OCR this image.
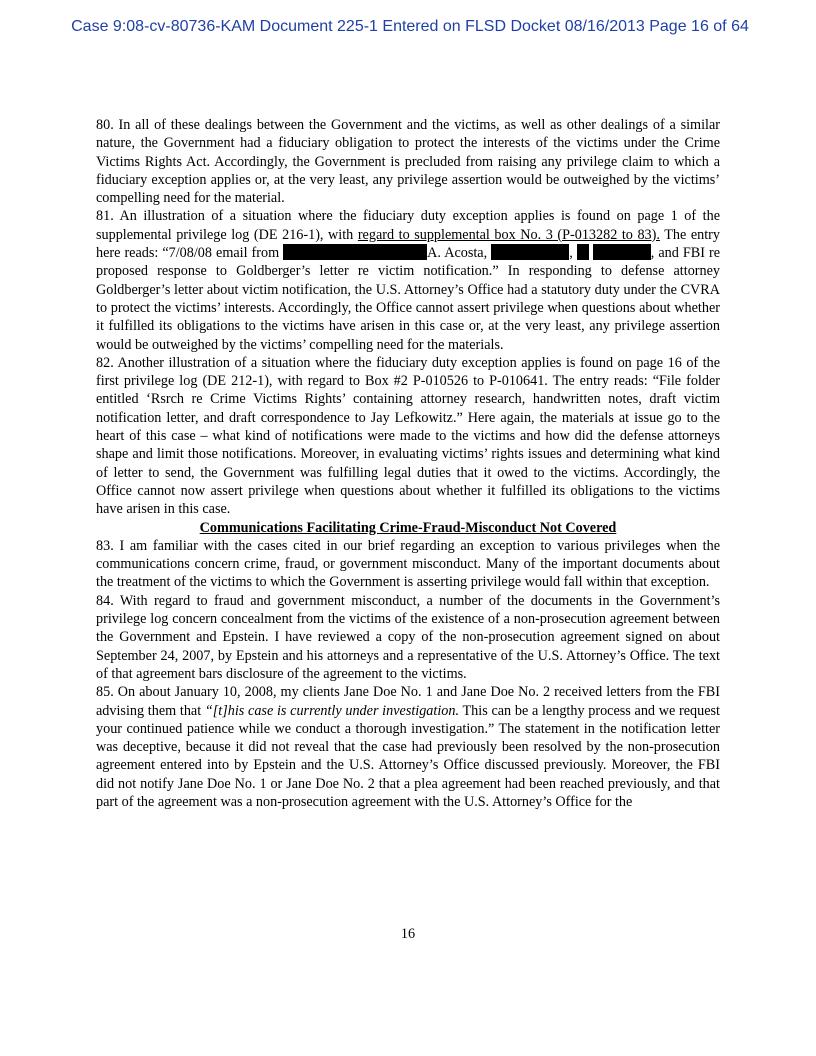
Case 9:08-cv-80736-KAM Document 225-1 Entered on FLSD Docket 08/16/2013 Page 16 of 64

80. In all of these dealings between the Government and the victims, as well as other dealings of a similar nature, the Government had a fiduciary obligation to protect the interests of the victims under the Crime Victims Rights Act. Accordingly, the Government is precluded from raising any privilege claim to which a fiduciary exception applies or, at the very least, any privilege assertion would be outweighed by the victims’ compelling need for the material.

81. An illustration of a situation where the fiduciary duty exception applies is found on page 1 of the supplemental privilege log (DE 216-1), with regard to supplemental box No. 3 (P-013282 to 83). The entry here reads: “7/08/08 email from	A. Acosta,	,	, and FBI re proposed response to Goldberger’s letter re victim notification.” In responding to defense attorney Goldberger’s letter about victim notification, the U.S. Attorney’s Office had a statutory duty under the CVRA to protect the victims’ interests. Accordingly, the Office cannot assert privilege when questions about whether it fulfilled its obligations to the victims have arisen in this case or, at the very least, any privilege assertion would be outweighed by the victims’ compelling need for the materials.

82. Another illustration of a situation where the fiduciary duty exception applies is found on page 16 of the first privilege log (DE 212-1), with regard to Box #2 P-010526 to P-010641. The entry reads: “File folder entitled ‘Rsrch re Crime Victims Rights’ containing attorney research, handwritten notes, draft victim notification letter, and draft correspondence to Jay Lefkowitz.” Here again, the materials at issue go to the heart of this case – what kind of notifications were made to the victims and how did the defense attorneys shape and limit those notifications. Moreover, in evaluating victims’ rights issues and determining what kind of letter to send, the Government was fulfilling legal duties that it owed to the victims. Accordingly, the Office cannot now assert privilege when questions about whether it fulfilled its obligations to the victims have arisen in this case.

Communications Facilitating Crime-Fraud-Misconduct Not Covered

83. I am familiar with the cases cited in our brief regarding an exception to various privileges when the communications concern crime, fraud, or government misconduct. Many of the important documents about the treatment of the victims to which the Government is asserting privilege would fall within that exception.

84. With regard to fraud and government misconduct, a number of the documents in the Government’s privilege log concern concealment from the victims of the existence of a non-prosecution agreement between the Government and Epstein. I have reviewed a copy of the non-prosecution agreement signed on about September 24, 2007, by Epstein and his attorneys and a representative of the U.S. Attorney’s Office. The text of that agreement bars disclosure of the agreement to the victims.

85. On about January 10, 2008, my clients Jane Doe No. 1 and Jane Doe No. 2 received letters from the FBI advising them that “[t]his case is currently under investigation. This can be a lengthy process and we request your continued patience while we conduct a thorough investigation.” The statement in the notification letter was deceptive, because it did not reveal that the case had previously been resolved by the non-prosecution agreement entered into by Epstein and the U.S. Attorney’s Office discussed previously. Moreover, the FBI did not notify Jane Doe No. 1 or Jane Doe No. 2 that a plea agreement had been reached previously, and that part of the agreement was a non-prosecution agreement with the U.S. Attorney’s Office for the

16
